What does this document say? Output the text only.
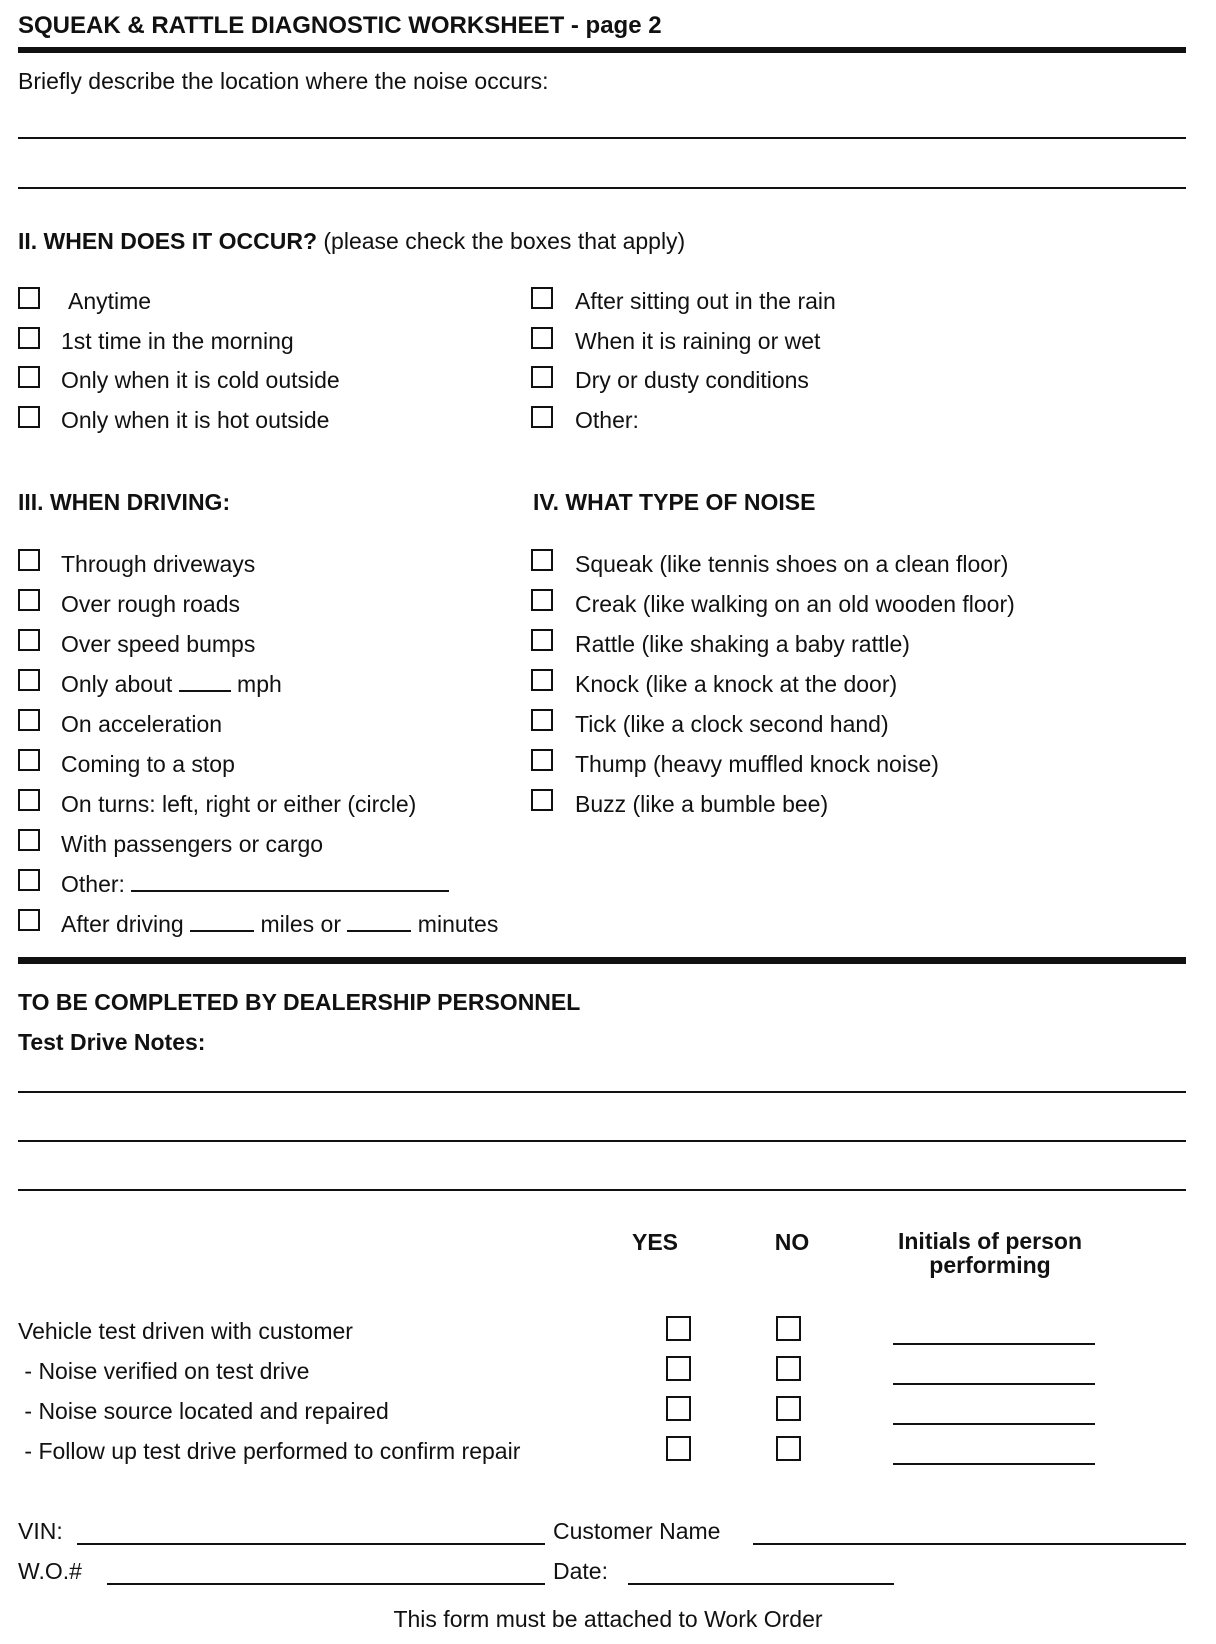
SQUEAK & RATTLE DIAGNOSTIC WORKSHEET - page 2
Briefly describe the location where the noise occurs:
II. WHEN DOES IT OCCUR? (please check the boxes that apply)
Anytime
1st time in the morning
Only when it is cold outside
Only when it is hot outside
After sitting out in the rain
When it is raining or wet
Dry or dusty conditions
Other:
III. WHEN DRIVING:	IV. WHAT TYPE OF NOISE
Through driveways
Over rough roads
Over speed bumps
Only about	mph
On acceleration
Coming to a stop
On turns: left, right or either (circle)
With passengers or cargo
Other:
After driving	miles or	minutes
Squeak (like tennis shoes on a clean floor)
Creak (like walking on an old wooden floor)
Rattle (like shaking a baby rattle)
Knock (like a knock at the door)
Tick (like a clock second hand)
Thump (heavy muffled knock noise)
Buzz (like a bumble bee)
TO BE COMPLETED BY DEALERSHIP PERSONNEL
Test Drive Notes:
YES	NO	Initials of person
performing
Vehicle test driven with customer
- Noise verified on test drive
- Noise source located and repaired
- Follow up test drive performed to confirm repair
VIN:	Customer Name
W.O.#	Date:
This form must be attached to Work Order
